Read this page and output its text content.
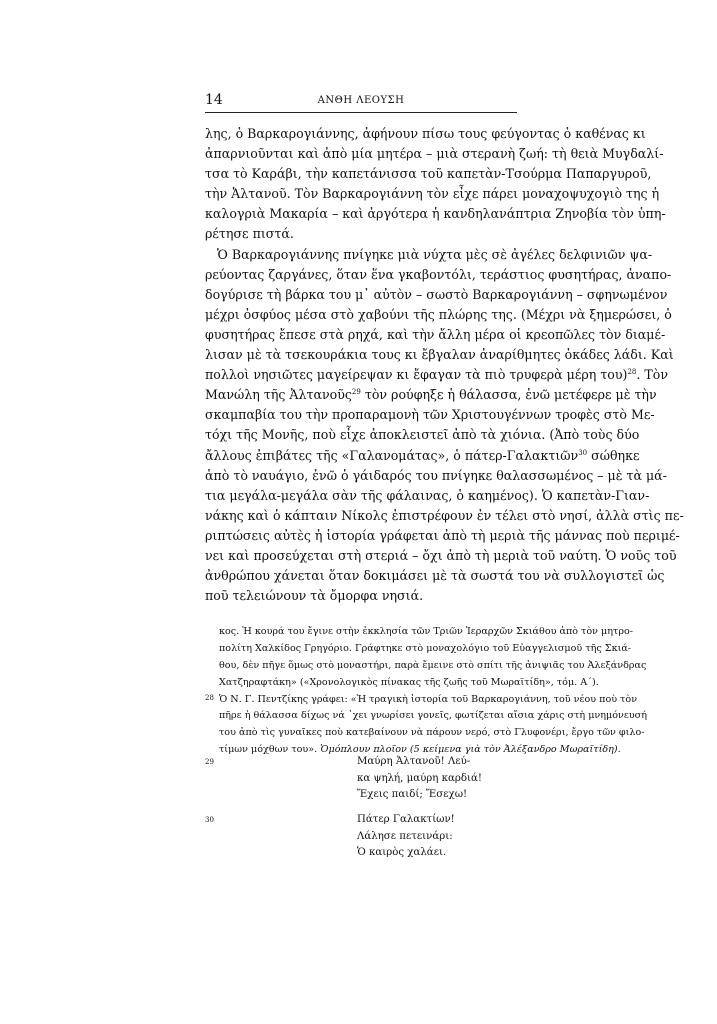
14	ΑΝΘΗ ΛΕΟΥΣΗ
λης, ὁ Βαρκαρογιάννης, ἀφήνουν πίσω τους φεύγοντας ὁ καθένας κι
ἀπαρνιοῦνται καὶ ἀπὸ μία μητέρα – μιὰ στερανὴ ζωή: τὴ θειὰ Μυγδαλί-
τσα τὸ Καράβι, τὴν καπετάνισσα τοῦ καπετὰν-Τσούρμα Παπαργυροῦ,
τὴν Ἀλτανοῦ. Τὸν Βαρκαρογιάννη τὸν εἶχε πάρει μοναχοψυχογιὸ της ἡ
καλογριὰ Μακαρία – καὶ ἀργότερα ἡ κανδηλανάπτρια Ζηνοβία τὸν ὑπη-
ρέτησε πιστά.
Ὁ Βαρκαρογιάννης πνίγηκε μιὰ νύχτα μὲς σὲ ἀγέλες δελφινιῶν ψα-
ρεύοντας ζαργάνες, ὅταν ἕνα γκαβοντόλι, τεράστιος φυσητήρας, ἀναπο-
δογύρισε τὴ βάρκα του μ᾽ αὐτὸν – σωστὸ Βαρκαρογιάννη – σφηνωμένον
μέχρι ὀσφύος μέσα στὸ χαβούνι τῆς πλώρης της. (Μέχρι νὰ ξημερώσει, ὁ
φυσητήρας ἔπεσε στὰ ρηχά, καὶ τὴν ἄλλη μέρα οἱ κρεοπῶλες τὸν διαμέ-
λισαν μὲ τὰ τσεκουράκια τους κι ἔβγαλαν ἀναρίθμητες ὀκάδες λάδι. Καὶ
πολλοὶ νησιῶτες μαγείρεψαν κι ἔφαγαν τὰ πιὸ τρυφερὰ μέρη του)$^{28}$. Τὸν
Μανώλη τῆς Ἀλτανοῦς$^{29}$ τὸν ρούφηξε ἡ θάλασσα, ἐνῶ μετέφερε μὲ τὴν
σκαμπαβία του τὴν προπαραμονὴ τῶν Χριστουγέννων τροφὲς στὸ Με-
τόχι τῆς Μονῆς, ποὺ εἶχε ἀποκλειστεῖ ἀπὸ τὰ χιόνια. (Ἀπὸ τοὺς δύο
ἄλλους ἐπιβάτες τῆς «Γαλανομάτας», ὁ πάτερ-Γαλακτιῶν$^{30}$ σώθηκε
ἀπὸ τὸ ναυάγιο, ἐνῶ ὁ γάιδαρός του πνίγηκε θαλασσωμένος – μὲ τὰ μά-
τια μεγάλα-μεγάλα σὰν τῆς φάλαινας, ὁ καημένος). Ὁ καπετὰν-Γιαν-
νάκης καὶ ὁ κάπταιν Νίκολς ἐπιστρέφουν ἐν τέλει στὸ νησί, ἀλλὰ στὶς πε-
ριπτώσεις αὐτὲς ἡ ἱστορία γράφεται ἀπὸ τὴ μεριὰ τῆς μάννας ποὺ περιμέ-
νει καὶ προσεύχεται στὴ στεριά – ὄχι ἀπὸ τὴ μεριὰ τοῦ ναύτη. Ὁ νοῦς τοῦ
ἀνθρώπου χάνεται ὅταν δοκιμάσει μὲ τὰ σωστά του νὰ συλλογιστεῖ ὡς
ποῦ τελειώνουν τὰ ὄμορφα νησιά.
κος. Ἡ κουρά του ἔγινε στὴν ἐκκλησία τῶν Τριῶν Ἱεραρχῶν Σκιάθου ἀπὸ τὸν μητρο-
πολίτη Χαλκίδος Γρηγόριο. Γράφτηκε στὸ μοναχολόγιο τοῦ Εὐαγγελισμοῦ τῆς Σκιά-
θου, δὲν πῆγε ὅμως στὸ μοναστήρι, παρὰ ἔμεινε στὸ σπίτι τῆς ἀνιψιᾶς του Ἀλεξάνδρας
Χατζηραφτάκη» («Χρονολογικὸς πίνακας τῆς ζωῆς τοῦ Μωραϊτίδη», τόμ. Α΄).
28 Ὁ Ν. Γ. Πεντζίκης γράφει: «Ἡ τραγικὴ ἱστορία τοῦ Βαρκαρογιάννη, τοῦ νέου ποὺ τὸν
πῆρε ἡ θάλασσα δίχως νά ᾽χει γνωρίσει γονεῖς, φωτίζεται αἴσια χάρις στὴ μνημόνευσή
του ἀπὸ τὶς γυναῖκες ποὺ κατεβαίνουν νὰ πάρουν νερό, στὸ Γλυφονέρι, ἔργο τῶν φιλο-
τίμων μόχθων του». Ὁμόπλουν πλοῖον (5 κείμενα γιὰ τὸν Ἀλέξανδρο Μωραϊτίδη).
29	Μαύρη Ἀλτανοῦ! Λεύ-
κα ψηλή, μαύρη καρδιά!
Ἔχεις παιδί; Ἔσεχω!
30	Πάτερ Γαλακτίων!
Λάλησε πετεινάρι:
Ὁ καιρὸς χαλάει.
